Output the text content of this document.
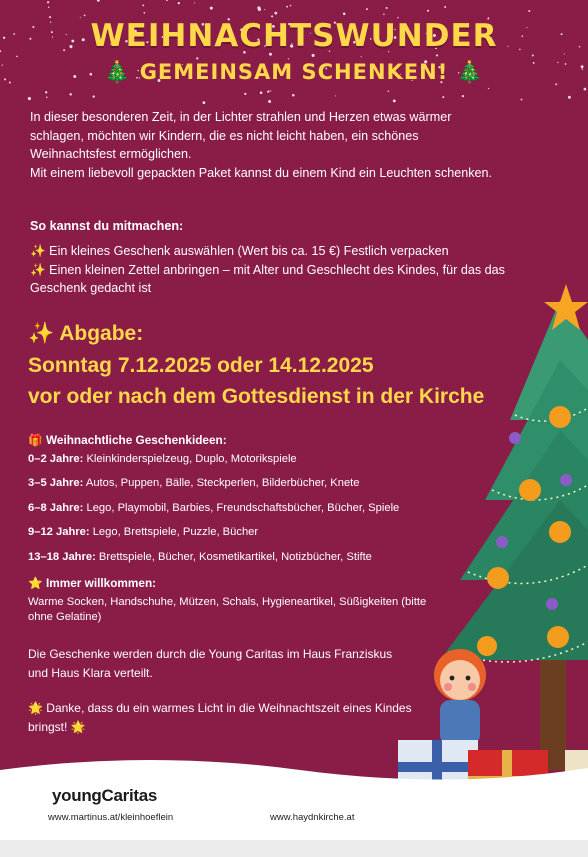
WEIHNACHTSWUNDER
🎄 GEMEINSAM SCHENKEN! 🎄
In dieser besonderen Zeit, in der Lichter strahlen und Herzen etwas wärmer schlagen, möchten wir Kindern, die es nicht leicht haben, ein schönes Weihnachtsfest ermöglichen.
Mit einem liebevoll gepackten Paket kannst du einem Kind ein Leuchten schenken.
So kannst du mitmachen:
✨ Ein kleines Geschenk auswählen (Wert bis ca. 15 €) Festlich verpacken
✨ Einen kleinen Zettel anbringen – mit Alter und Geschlecht des Kindes, für das das Geschenk gedacht ist
✨ Abgabe:
Sonntag 7.12.2025 oder 14.12.2025
vor oder nach dem Gottesdienst in der Kirche
🎁 Weihnachtliche Geschenkideen:
0–2 Jahre: Kleinkinderspielzeug, Duplo, Motorikspiele
3–5 Jahre: Autos, Puppen, Bälle, Steckperlen, Bilderbücher, Knete
6–8 Jahre: Lego, Playmobil, Barbies, Freundschaftsbücher, Bücher, Spiele
9–12 Jahre: Lego, Brettspiele, Puzzle, Bücher
13–18 Jahre: Brettspiele, Bücher, Kosmetikartikel, Notizbücher, Stifte
⭐ Immer willkommen:
Warme Socken, Handschuhe, Mützen, Schals, Hygieneartikel, Süßigkeiten (bitte ohne Gelatine)
Die Geschenke werden durch die Young Caritas im Haus Franziskus und Haus Klara verteilt.
🌟 Danke, dass du ein warmes Licht in die Weihnachtszeit eines Kindes bringst! 🌟
youngCaritas
www.martinus.at/kleinhoeflein	www.haydnkirche.at
